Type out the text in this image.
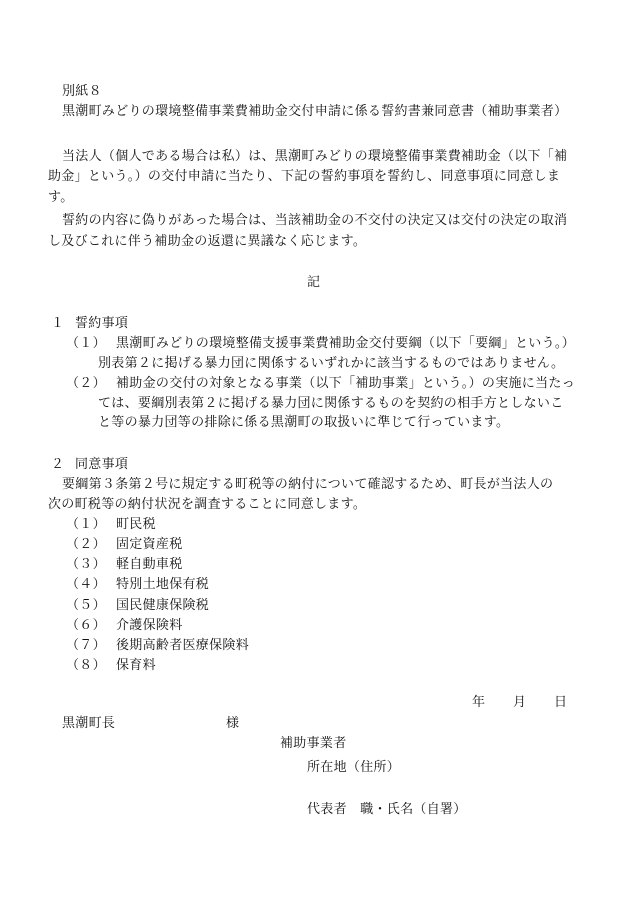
別紙８
黒潮町みどりの環境整備事業費補助金交付申請に係る誓約書兼同意書（補助事業者）
当法人（個人である場合は私）は、黒潮町みどりの環境整備事業費補助金（以下「補
助金」という。）の交付申請に当たり、下記の誓約事項を誓約し、同意事項に同意しま
す。
誓約の内容に偽りがあった場合は、当該補助金の不交付の決定又は交付の決定の取消
し及びこれに伴う補助金の返還に異議なく応じます。
記
１ 誓約事項
（１） 黒潮町みどりの環境整備支援事業費補助金交付要綱（以下「要綱」という。）
別表第２に掲げる暴力団に関係するいずれかに該当するものではありません。
（２） 補助金の交付の対象となる事業（以下「補助事業」という。）の実施に当たっ
ては、要綱別表第２に掲げる暴力団に関係するものを契約の相手方としないこ
と等の暴力団等の排除に係る黒潮町の取扱いに準じて行っています。
２ 同意事項
要綱第３条第２号に規定する町税等の納付について確認するため、町長が当法人の
次の町税等の納付状況を調査することに同意します。
（１） 町民税
（２） 固定資産税
（３） 軽自動車税
（４） 特別土地保有税
（５） 国民健康保険税
（６） 介護保険料
（７） 後期高齢者医療保険料
（８） 保育料
年 月 日
黒潮町長	様
補助事業者
所在地（住所）
代表者　職・氏名（自署）
